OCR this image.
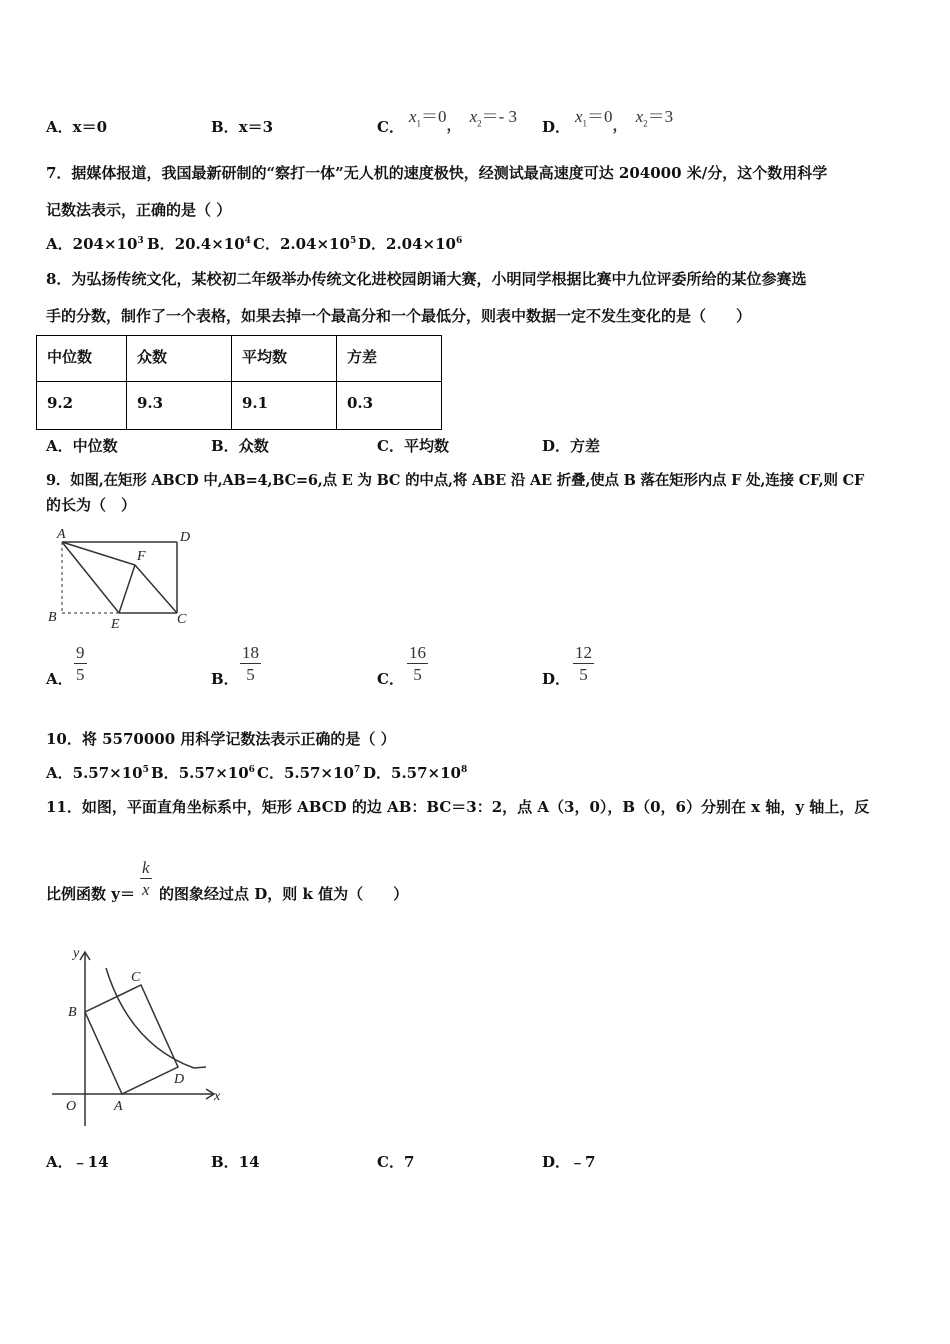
A．x＝0	B．x＝3	C．
$x_1=0$， $x_2=-$ 3
D．
$x_1=0$， $x_2=3$
7．据媒体报道，我国最新研制的“察打一体”无人机的速度极快，经测试最高速度可达 204000 米/分，这个数用科学
记数法表示，正确的是（ ）
A．$204\times 10^3$ B．$20.4\times 10^4$ C．$2.04\times 10^5$ D．$2.04\times 10^6$
8．为弘扬传统文化，某校初二年级举办传统文化进校园朗诵大赛，小明同学根据比赛中九位评委所给的某位参赛选
手的分数，制作了一个表格，如果去掉一个最高分和一个最低分，则表中数据一定不发生变化的是（　　）
中位数	众数	平均数	方差
9.2	9.3	9.1	0.3
A．中位数	B．众数	C．平均数	D．方差
9．如图,在矩形 ABCD 中,AB=4,BC=6,点 E 为 BC 的中点,将 ABE 沿 AE 折叠,使点 B 落在矩形内点 F 处,连接 CF,则 CF
的长为（　）
A	D
F
B	E	C
A． $\frac{9}{5}$	B． $\frac{18}{5}$	C． $\frac{16}{5}$	D． $\frac{12}{5}$
10．将 5570000 用科学记数法表示正确的是（ ）
A．$5.57\times 10^5$ B．$5.57\times 10^6$ C．$5.57\times 10^7$ D．$5.57\times 10^8$
11．如图，平面直角坐标系中，矩形 ABCD 的边 AB：BC＝3：2，点 A（3，0），B（0，6）分别在 x 轴，y 轴上，反
比例函数 $y= \frac{k}{x}$ 的图象经过点 D，则 k 值为（　　）
y
C
B
D
O	A
x
A．﹣14	B．14	C．7	D．﹣7
